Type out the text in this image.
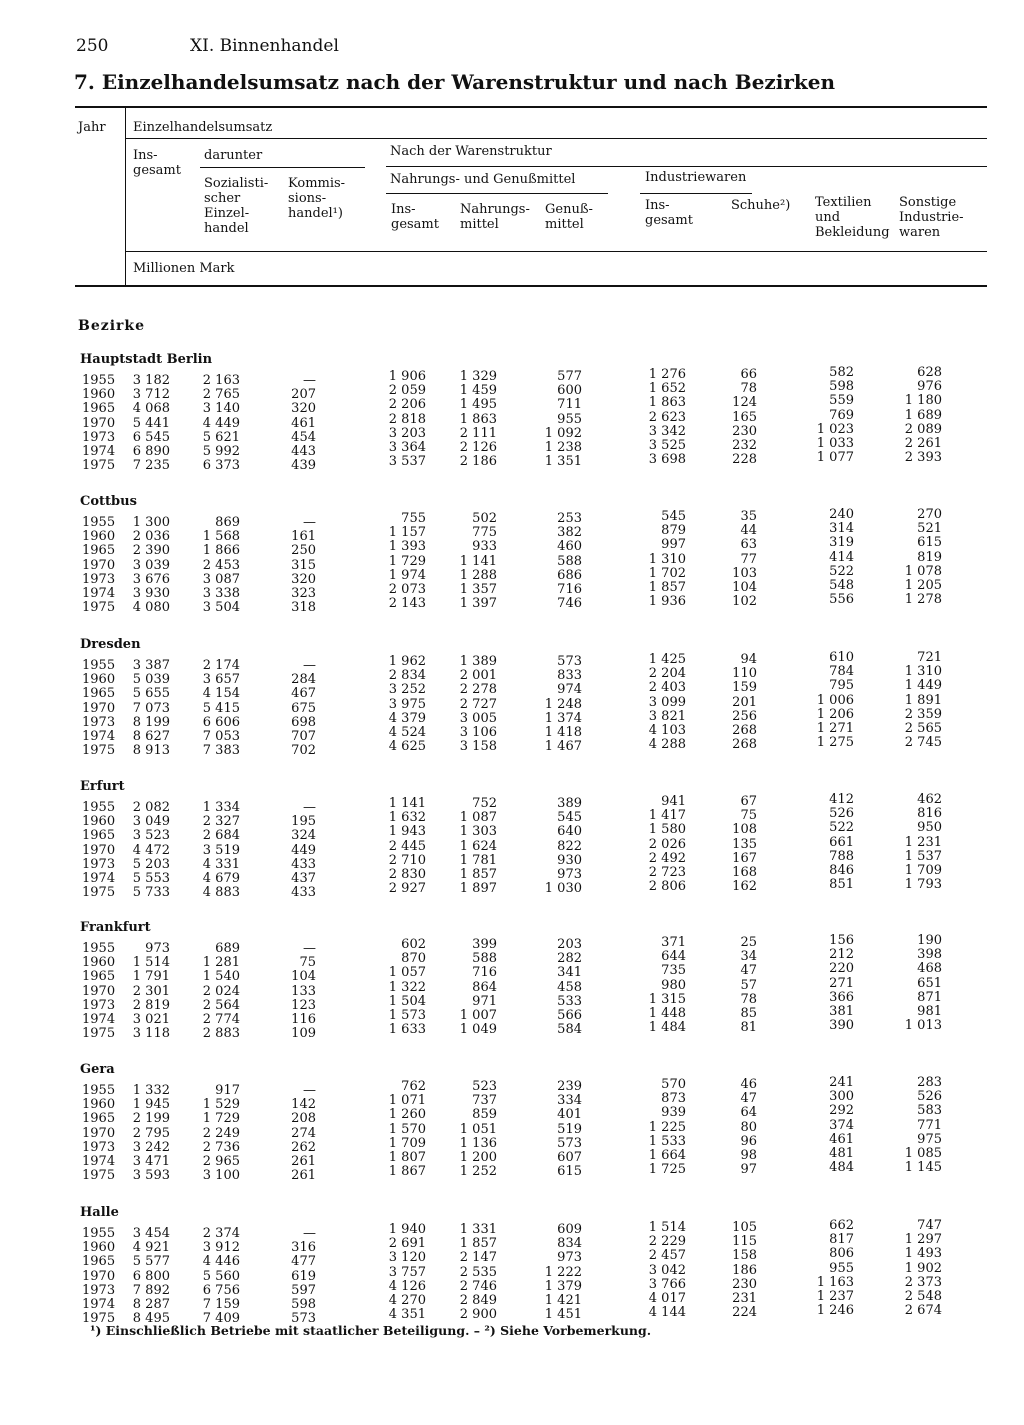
250	XI. Binnenhandel
7. Einzelhandelsumsatz nach der Warenstruktur und nach Bezirken
Jahr Einzelhandelsumsatz
Ins-
gesamt
darunter
Sozialisti-
scher
Einzel-
handel
Kommis-
sions-
handel¹)
Nach der Warenstruktur
Nahrungs- und Genußmittel
Ins-
gesamt
Nahrungs-
mittel
Genuß-
mittel
Industriewaren
Ins-
gesamt
Schuhe²) Textilien
und
Bekleidung
Sonstige
Industrie-
waren
Millionen Mark
Bezirke
Hauptstadt Berlin
1955
1960
1965
1970
1973
1974
1975
3 182
3 712
4 068
5 441
6 545
6 890
7 235
2 163
2 765
3 140
4 449
5 621
5 992
6 373
—
207
320
461
454
443
439
1 906
2 059
2 206
2 818
3 203
3 364
3 537
1 329
1 459
1 495
1 863
2 111
2 126
2 186
577
600
711
955
1 092
1 238
1 351
1 276
1 652
1 863
2 623
3 342
3 525
3 698
66
78
124
165
230
232
228
582
598
559
769
1 023
1 033
1 077
628
976
1 180
1 689
2 089
2 261
2 393
Cottbus
1955
1960
1965
1970
1973
1974
1975
1 300
2 036
2 390
3 039
3 676
3 930
4 080
869
1 568
1 866
2 453
3 087
3 338
3 504
—
161
250
315
320
323
318
755
1 157
1 393
1 729
1 974
2 073
2 143
502
775
933
1 141
1 288
1 357
1 397
253
382
460
588
686
716
746
545
879
997
1 310
1 702
1 857
1 936
35
44
63
77
103
104
102
240
314
319
414
522
548
556
270
521
615
819
1 078
1 205
1 278
Dresden
1955
1960
1965
1970
1973
1974
1975
3 387
5 039
5 655
7 073
8 199
8 627
8 913
2 174
3 657
4 154
5 415
6 606
7 053
7 383
—
284
467
675
698
707
702
1 962
2 834
3 252
3 975
4 379
4 524
4 625
1 389
2 001
2 278
2 727
3 005
3 106
3 158
573
833
974
1 248
1 374
1 418
1 467
1 425
2 204
2 403
3 099
3 821
4 103
4 288
94
110
159
201
256
268
268
610
784
795
1 006
1 206
1 271
1 275
721
1 310
1 449
1 891
2 359
2 565
2 745
Erfurt
1955
1960
1965
1970
1973
1974
1975
2 082
3 049
3 523
4 472
5 203
5 553
5 733
1 334
2 327
2 684
3 519
4 331
4 679
4 883
—
195
324
449
433
437
433
1 141
1 632
1 943
2 445
2 710
2 830
2 927
752
1 087
1 303
1 624
1 781
1 857
1 897
389
545
640
822
930
973
1 030
941
1 417
1 580
2 026
2 492
2 723
2 806
67
75
108
135
167
168
162
412
526
522
661
788
846
851
462
816
950
1 231
1 537
1 709
1 793
Frankfurt
1955
1960
1965
1970
1973
1974
1975
973
1 514
1 791
2 301
2 819
3 021
3 118
689
1 281
1 540
2 024
2 564
2 774
2 883
—
75
104
133
123
116
109
602
870
1 057
1 322
1 504
1 573
1 633
399
588
716
864
971
1 007
1 049
203
282
341
458
533
566
584
371
644
735
980
1 315
1 448
1 484
25
34
47
57
78
85
81
156
212
220
271
366
381
390
190
398
468
651
871
981
1 013
Gera
1955
1960
1965
1970
1973
1974
1975
1 332
1 945
2 199
2 795
3 242
3 471
3 593
917
1 529
1 729
2 249
2 736
2 965
3 100
—
142
208
274
262
261
261
762
1 071
1 260
1 570
1 709
1 807
1 867
523
737
859
1 051
1 136
1 200
1 252
239
334
401
519
573
607
615
570
873
939
1 225
1 533
1 664
1 725
46
47
64
80
96
98
97
241
300
292
374
461
481
484
283
526
583
771
975
1 085
1 145
Halle
1955
1960
1965
1970
1973
1974
1975
3 454
4 921
5 577
6 800
7 892
8 287
8 495
2 374
3 912
4 446
5 560
6 756
7 159
7 409
—
316
477
619
597
598
573
1 940
2 691
3 120
3 757
4 126
4 270
4 351
1 331
1 857
2 147
2 535
2 746
2 849
2 900
609
834
973
1 222
1 379
1 421
1 451
1 514
2 229
2 457
3 042
3 766
4 017
4 144
105
115
158
186
230
231
224
662
817
806
955
1 163
1 237
1 246
747
1 297
1 493
1 902
2 373
2 548
2 674
¹) Einschließlich Betriebe mit staatlicher Beteiligung. – ²) Siehe Vorbemerkung.
